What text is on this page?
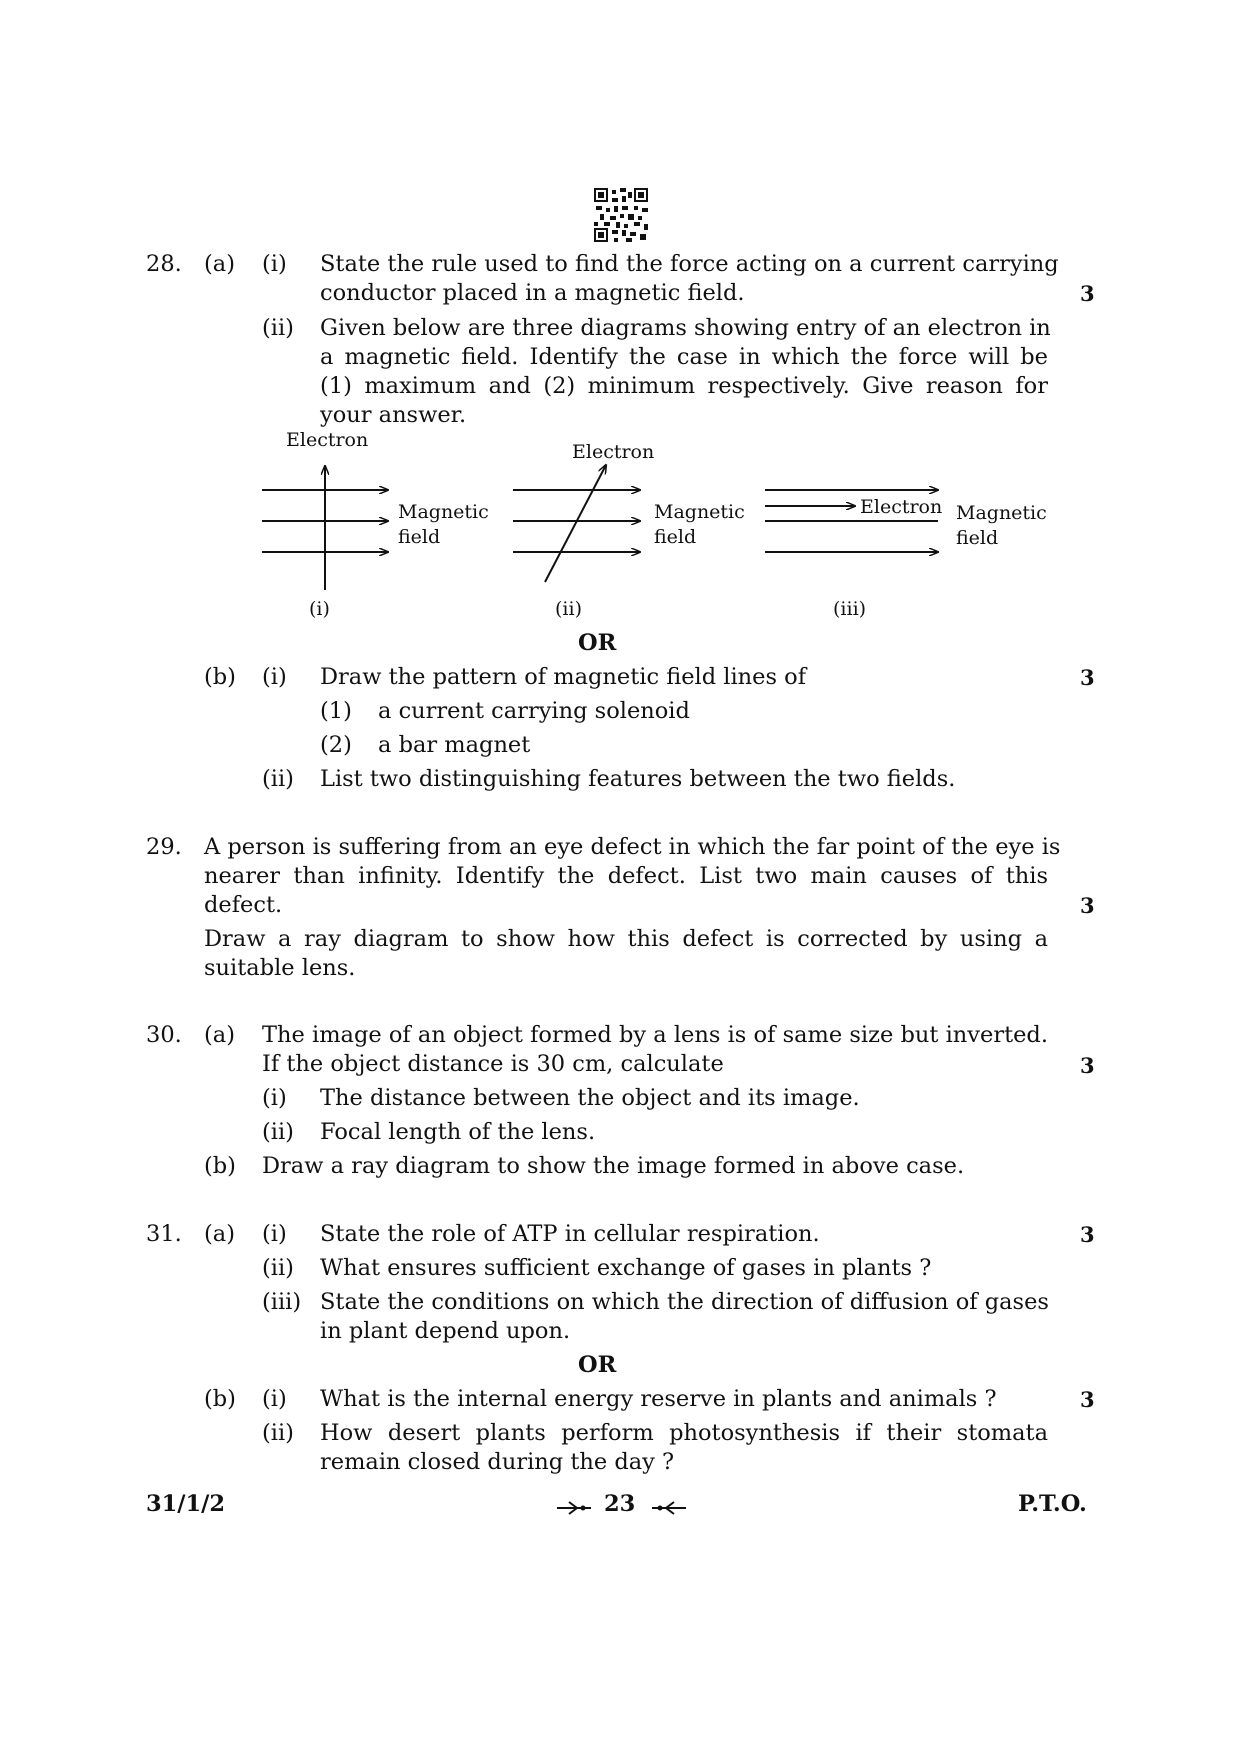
28. (a) (i) State the rule used to find the force acting on a current carrying
conductor placed in a magnetic field.	3
(ii) Given below are three diagrams showing entry of an electron in
a magnetic field. Identify the case in which the force will be
(1) maximum and (2) minimum respectively. Give reason for
your answer.
Electron
Magnetic
field
Electron
Magnetic
field
Electron Magnetic
field
(i)	(ii)	(iii)
OR
(b) (i) Draw the pattern of magnetic field lines of	3
(1) a current carrying solenoid
(2) a bar magnet
(ii) List two distinguishing features between the two fields.
29. A person is suffering from an eye defect in which the far point of the eye is
nearer than infinity. Identify the defect. List two main causes of this
defect.	3
Draw a ray diagram to show how this defect is corrected by using a
suitable lens.
30. (a) The image of an object formed by a lens is of same size but inverted.
If the object distance is 30 cm, calculate	3
(i) The distance between the object and its image.
(ii) Focal length of the lens.
(b) Draw a ray diagram to show the image formed in above case.
31. (a) (i) State the role of ATP in cellular respiration.	3
(ii) What ensures sufficient exchange of gases in plants ?
(iii) State the conditions on which the direction of diffusion of gases
in plant depend upon.
OR
(b) (i) What is the internal energy reserve in plants and animals ?	3
(ii) How desert plants perform photosynthesis if their stomata
remain closed during the day ?
31/1/2	23	P.T.O.
